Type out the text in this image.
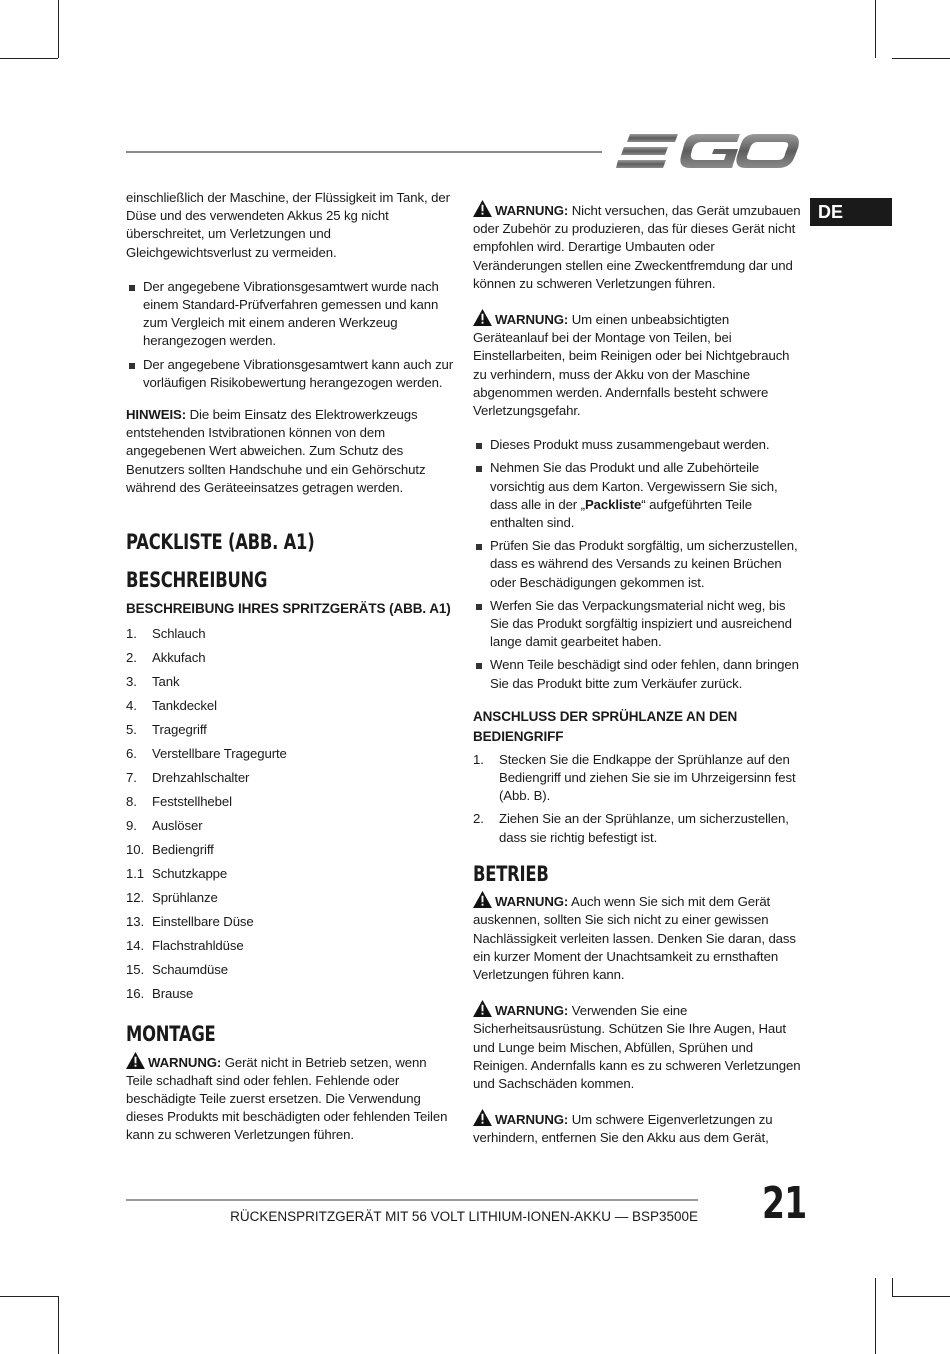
DE

einschließlich der Maschine, der Flüssigkeit im Tank, der Düse und des verwendeten Akkus 25 kg nicht überschreitet, um Verletzungen und Gleichgewichtsverlust zu vermeiden.

Der angegebene Vibrationsgesamtwert wurde nach einem Standard-Prüfverfahren gemessen und kann zum Vergleich mit einem anderen Werkzeug herangezogen werden.
Der angegebene Vibrationsgesamtwert kann auch zur vorläufigen Risikobewertung herangezogen werden.

HINWEIS: Die beim Einsatz des Elektrowerkzeugs entstehenden Istvibrationen können von dem angegebenen Wert abweichen. Zum Schutz des Benutzers sollten Handschuhe und ein Gehörschutz während des Geräteeinsatzes getragen werden.

PACKLISTE (ABB. A1)
BESCHREIBUNG
BESCHREIBUNG IHRES SPRITZGERÄTS (ABB. A1)
1. Schlauch
2. Akkufach
3. Tank
4. Tankdeckel
5. Tragegriff
6. Verstellbare Tragegurte
7. Drehzahlschalter
8. Feststellhebel
9. Auslöser
10. Bediengriff
1.1 Schutzkappe
12. Sprühlanze
13. Einstellbare Düse
14. Flachstrahldüse
15. Schaumdüse
16. Brause
MONTAGE

WARNUNG: Gerät nicht in Betrieb setzen, wenn Teile schadhaft sind oder fehlen. Fehlende oder beschädigte Teile zuerst ersetzen. Die Verwendung dieses Produkts mit beschädigten oder fehlenden Teilen kann zu schweren Verletzungen führen.

WARNUNG: Nicht versuchen, das Gerät umzubauen oder Zubehör zu produzieren, das für dieses Gerät nicht empfohlen wird. Derartige Umbauten oder Veränderungen stellen eine Zweckentfremdung dar und können zu schweren Verletzungen führen.

WARNUNG: Um einen unbeabsichtigten Geräteanlauf bei der Montage von Teilen, bei Einstellarbeiten, beim Reinigen oder bei Nichtgebrauch zu verhindern, muss der Akku von der Maschine abgenommen werden. Andernfalls besteht schwere Verletzungsgefahr.

Dieses Produkt muss zusammengebaut werden.
Nehmen Sie das Produkt und alle Zubehörteile vorsichtig aus dem Karton. Vergewissern Sie sich, dass alle in der „Packliste“ aufgeführten Teile enthalten sind.
Prüfen Sie das Produkt sorgfältig, um sicherzustellen, dass es während des Versands zu keinen Brüchen oder Beschädigungen gekommen ist.
Werfen Sie das Verpackungsmaterial nicht weg, bis Sie das Produkt sorgfältig inspiziert und ausreichend lange damit gearbeitet haben.
Wenn Teile beschädigt sind oder fehlen, dann bringen Sie das Produkt bitte zum Verkäufer zurück.
ANSCHLUSS DER SPRÜHLANZE AN DEN BEDIENGRIFF
1. Stecken Sie die Endkappe der Sprühlanze auf den Bediengriff und ziehen Sie sie im Uhrzeigersinn fest (Abb. B).
2. Ziehen Sie an der Sprühlanze, um sicherzustellen, dass sie richtig befestigt ist.
BETRIEB

WARNUNG: Auch wenn Sie sich mit dem Gerät auskennen, sollten Sie sich nicht zu einer gewissen Nachlässigkeit verleiten lassen. Denken Sie daran, dass ein kurzer Moment der Unachtsamkeit zu ernsthaften Verletzungen führen kann.

WARNUNG: Verwenden Sie eine Sicherheitsausrüstung. Schützen Sie Ihre Augen, Haut und Lunge beim Mischen, Abfüllen, Sprühen und Reinigen. Andernfalls kann es zu schweren Verletzungen und Sachschäden kommen.

WARNUNG: Um schwere Eigenverletzungen zu verhindern, entfernen Sie den Akku aus dem Gerät,

RÜCKENSPRITZGERÄT MIT 56 VOLT LITHIUM-IONEN-AKKU — BSP3500E 21
